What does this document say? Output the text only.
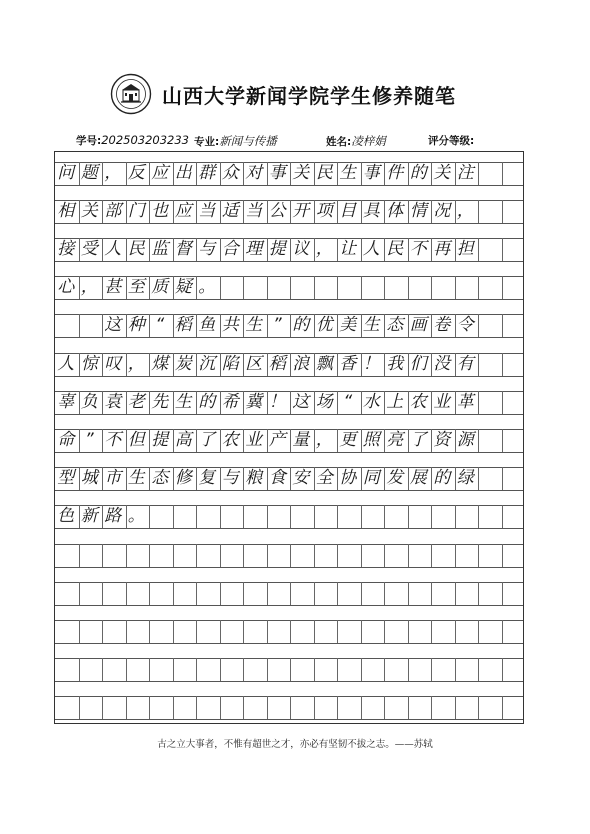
山西大学新闻学院学生修养随笔
学号:202503203233 专业:新闻与传播	姓名:凌梓娟	评分等级:
问 题 ， 反 应 出 群 众 对 事 关 民 生 事 件 的 关 注
相 关 部 门 也 应 当 适 当 公 开 项 目 具 体 情 况 ，
接 受 人 民 监 督 与 合 理 提 议 ， 让 人 民 不 再 担
心 ， 甚 至 质 疑 。
这 种 “ 稻 鱼 共 生 ” 的 优 美 生 态 画 卷 令
人 惊 叹 ， 煤 炭 沉 陷 区 稻 浪 飘 香 ！ 我 们 没 有
辜 负 袁 老 先 生 的 希 冀 ！ 这 场 “ 水 上 农 业 革
命 ” 不 但 提 高 了 农 业 产 量 ， 更 照 亮 了 资 源
型 城 市 生 态 修 复 与 粮 食 安 全 协 同 发 展 的 绿
色 新 路 。
古之立大事者，不惟有超世之才，亦必有坚韧不拔之志。——苏轼
